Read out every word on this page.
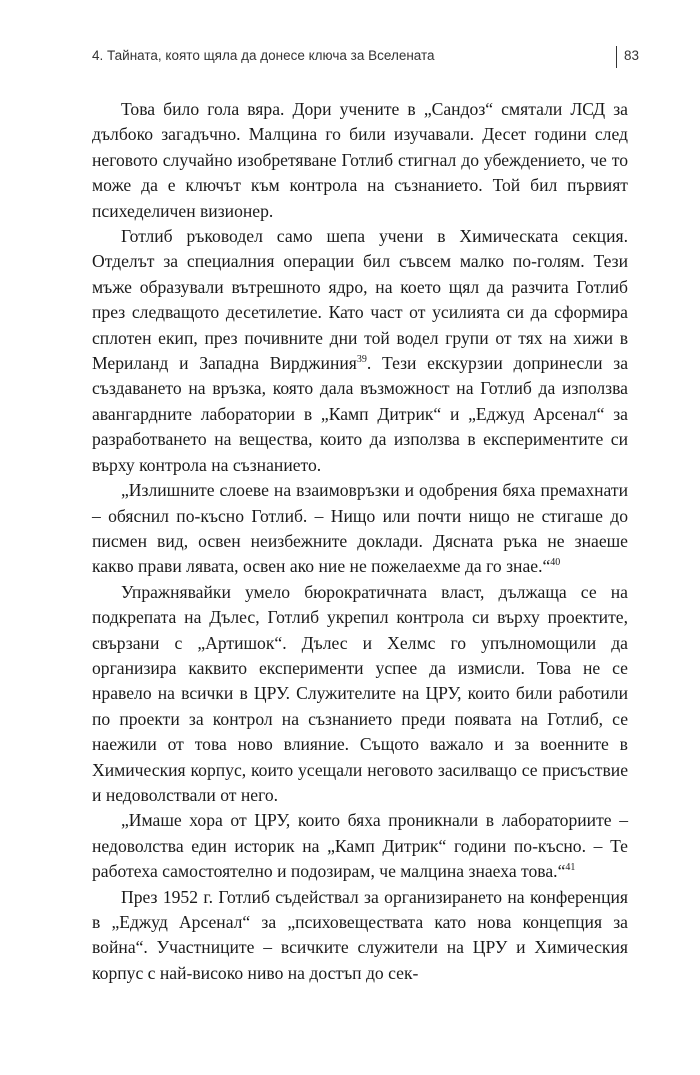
4. Тайната, която щяла да донесе ключа за Вселената	83

Това било гола вяра. Дори учените в „Сандоз“ смятали ЛСД за дълбоко загадъчно. Малцина го били изучавали. Десет години след неговото случайно изобретяване Готлиб стигнал до убеждението, че то може да е ключът към контрола на съзнанието. Той бил първият психеделичен визионер.

Готлиб ръководел само шепа учени в Химическата секция. Отделът за специалния операции бил съвсем малко по-голям. Тези мъже образували вътрешното ядро, на което щял да разчита Готлиб през следващото десетилетие. Като част от усилията си да сформира сплотен екип, през почивните дни той водел групи от тях на хижи в Мериланд и Западна Вирджиния$^{39}$. Тези екскурзии допринесли за създаването на връзка, която дала възможност на Готлиб да използва авангардните лаборатории в „Камп Дитрик“ и „Еджуд Арсенал“ за разработването на вещества, които да използва в експериментите си върху контрола на съзнанието.

„Излишните слоеве на взаимовръзки и одобрения бяха премахнати – обяснил по-късно Готлиб. – Нищо или почти нищо не стигаше до писмен вид, освен неизбежните доклади. Дясната ръка не знаеше какво прави лявата, освен ако ние не пожелаехме да го знае.“$^{40}$

Упражнявайки умело бюрократичната власт, дължаща се на подкрепата на Дълес, Готлиб укрепил контрола си върху проектите, свързани с „Артишок“. Дълес и Хелмс го упълномощили да организира каквито експерименти успее да измисли. Това не се нравело на всички в ЦРУ. Служителите на ЦРУ, които били работили по проекти за контрол на съзнанието преди появата на Готлиб, се наежили от това ново влияние. Същото важало и за военните в Химическия корпус, които усещали неговото засилващо се присъствие и недоволствали от него.

„Имаше хора от ЦРУ, които бяха проникнали в лабораториите – недоволства един историк на „Камп Дитрик“ години по-късно. – Те работеха самостоятелно и подозирам, че малцина знаеха това.“$^{41}$

През 1952 г. Готлиб съдействал за организирането на конференция в „Еджуд Арсенал“ за „психовеществата като нова концепция за война“. Участниците – всичките служители на ЦРУ и Химическия корпус с най-високо ниво на достъп до сек-
